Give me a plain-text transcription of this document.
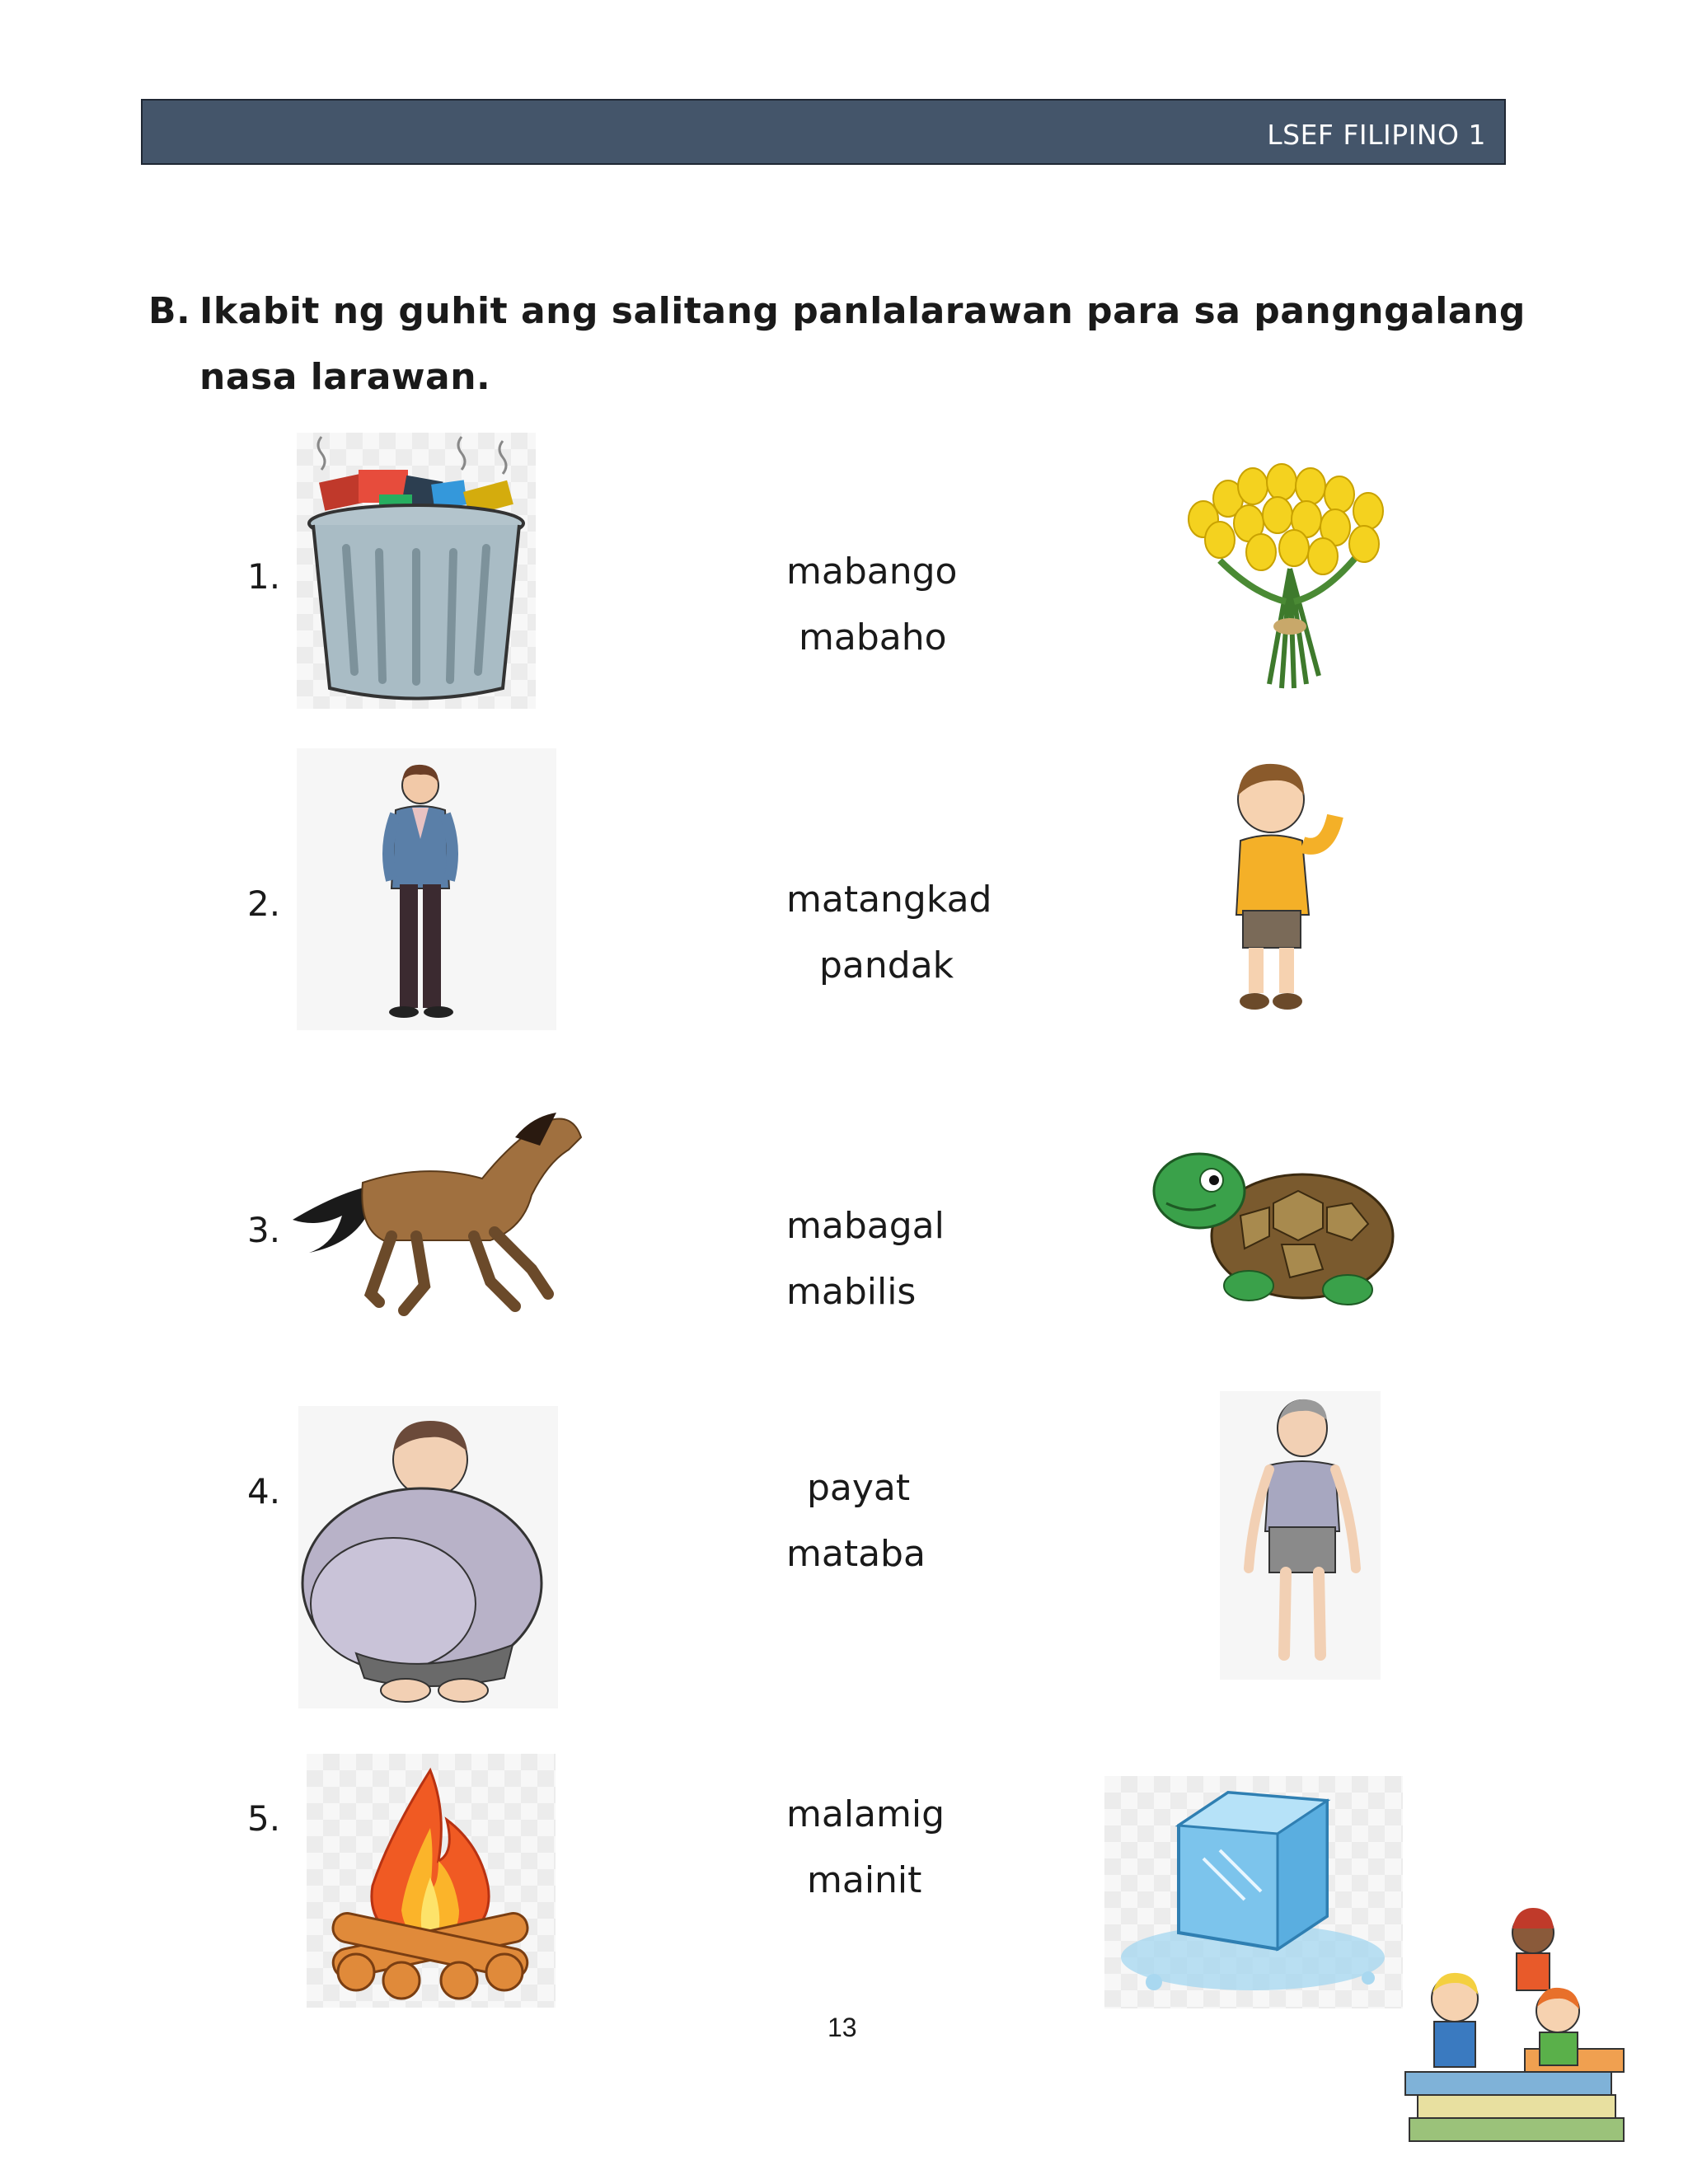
LSEF FILIPINO 1
B. Ikabit ng guhit ang salitang panlalarawan para sa pangngalang
nasa larawan.
1.	mabango
mabaho
2.	matangkad
pandak
3.	mabagal
mabilis
4.	payat
mataba
5.	malamig
mainit
13
